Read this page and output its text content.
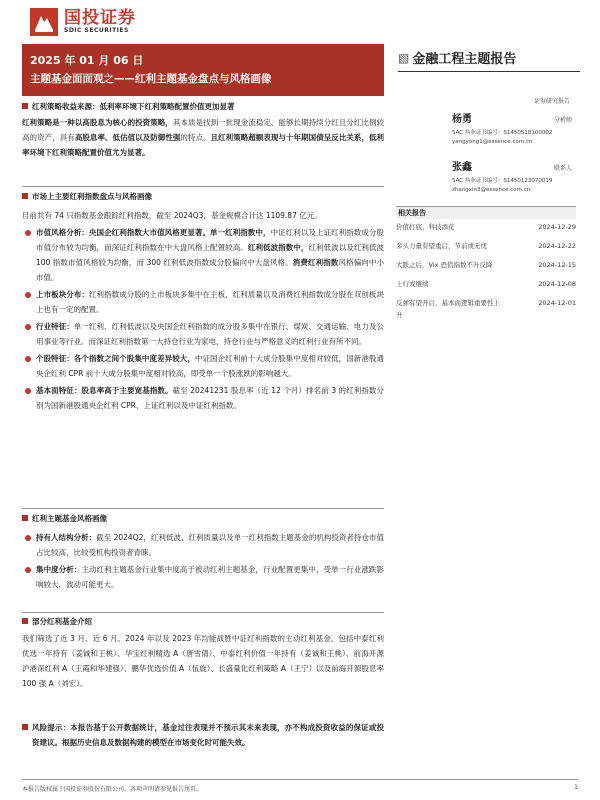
国投证券
SDIC SECURITIES
2025 年 01 月 06 日
主题基金面面观之——红利主题基金盘点与风格画像
▧ 金融工程主题报告
证券研究报告
杨勇	分析师
SAC 执业证书编号：S1450518100002
yangyong1@essence.com.cn
张鑫	联系人
SAC 执业证书编号：S1450123070019
zhangxin3@essence.com.cn
相关报告
价值打底，科技添花	2024-12-29
多头力量有望重启，节前或无忧	2024-12-22
大跌之后，Vix 恐慌指数不升反降	2024-12-15
上行或继续	2024-12-08
反弹有望开启，基本面逻辑重要性上升
2024-12-01
红利策略收益来源：低利率环境下红利策略配置价值更加显著
红利策略是一种以高股息为核心的投资策略，其本质是找到一批现金流稳定、能够长期持续分红且分红比例较高的资产，具有高股息率、低估值以及防御性强的特点。且红利策略超额表现与十年期国债呈反比关系，低利率环境下红利策略配置价值尤为显著。
市场上主要红利指数盘点与风格画像
目前共有 74 只指数基金跟踪红利指数，截至 2024Q3，基金规模合计达 1109.87 亿元。
市值风格分析：央国企红利指数大市值风格更显著。单一红利指数中，中证红利以及上证红利指数成分股市值分布较为均衡，而深证红利指数在中大盘风格上配置较高。红利低波指数中，红利低波以及红利低波 100 指数市值风格较为均衡，而 300 红利低波指数成分股偏向中大盘风格。消费红利指数风格偏向中小市值。
上市板块分布：红利指数成分股的上市板块多集中在主板，红利质量以及消费红利指数成分股在双创板块上也有一定的配置。
行业特征：单一红利、红利低波以及央国企红利指数的成分股多集中在银行、煤炭、交通运输、电力及公用事业等行业。而深证红利指数第一大持仓行业为家电，持仓行业与严格意义的红利行业有所不同。
个股特征：各个指数之间个股集中度差异较大，中证国企红利前十大成分股集中度相对较低，国新港股通央企红利 CPR 前十大成分股集中度相对较高，即受单一个股涨跌的影响越大。
基本面特征：股息率高于主要宽基指数。截至 20241231 股息率（近 12 个月）排名前 3 的红利指数分别为国新港股通央企红利 CPR、上证红利以及中证红利指数。
红利主题基金风格画像
持有人结构分析：截至 2024Q2，红利低波、红利质量以及单一红利指数主题基金的机构投资者持仓市值占比较高，比较受机构投资者青睐。
集中度分析：主动红利主题基金行业集中度高于被动红利主题基金，行业配置更集中，受单一行业涨跌影响较大，波动可能更大。
部分红利基金介绍
我们筛选了近 3 月、近 6 月、2024 年以及 2023 年均能战胜中证红利指数的主动红利基金，包括中泰红利优选一年持有（姜诚和王桃）、华宝红利精选 A（唐雪倩）、中泰红利价值一年持有（姜诚和王桃）、前海开源沪港深红利 A（王霞和华建强）、鹏华优选价值 A（伍旋）、长盛量化红利策略 A（王宁）以及前海开源股息率 100 强 A（刘宏）。
风险提示：本报告基于公开数据统计，基金过往表现并不预示其未来表现，亦不构成投资收益的保证或投资建议。根据历史信息及数据构建的模型在市场变化时可能失效。
本报告版权属于国投证券股份有限公司，各项声明请参见报告尾页。	1
